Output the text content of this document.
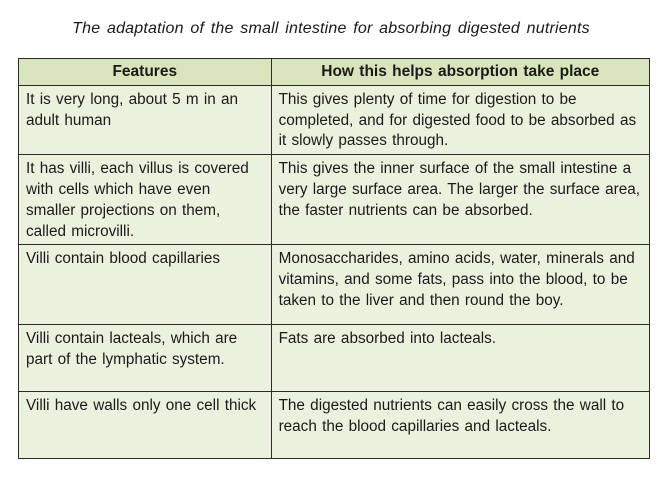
The adaptation of the small intestine for absorbing digested nutrients
Features	How this helps absorption take place
It is very long, about 5 m in an adult human	This gives plenty of time for digestion to be completed, and for digested food to be absorbed as it slowly passes through.
It has villi, each villus is covered with cells which have even smaller projections on them, called microvilli.	This gives the inner surface of the small intestine a very large surface area. The larger the surface area, the faster nutrients can be absorbed.
Villi contain blood capillaries	Monosaccharides, amino acids, water, minerals and vitamins, and some fats, pass into the blood, to be taken to the liver and then round the boy.
Villi contain lacteals, which are part of the lymphatic system.	Fats are absorbed into lacteals.
Villi have walls only one cell thick	The digested nutrients can easily cross the wall to reach the blood capillaries and lacteals.
